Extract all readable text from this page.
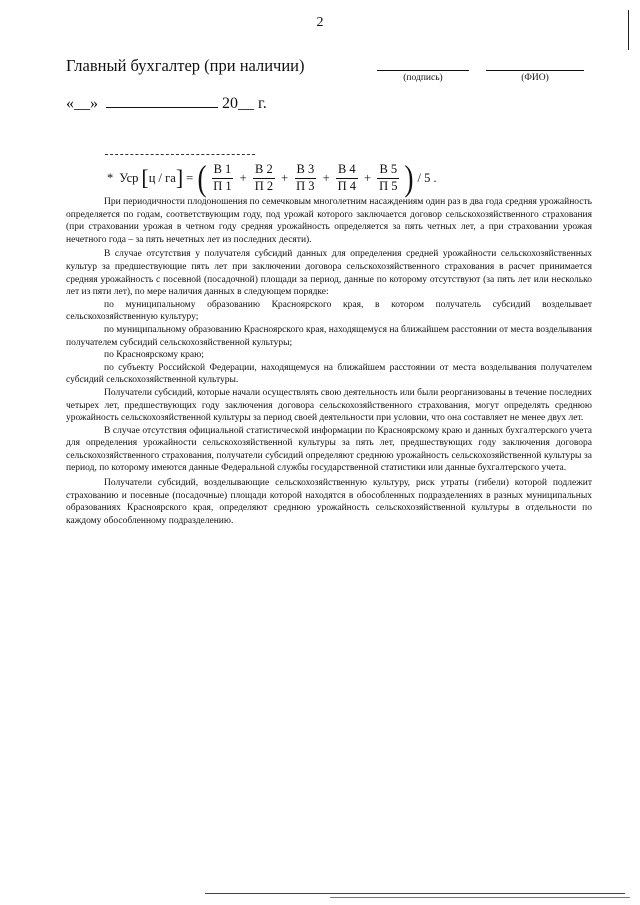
2
Главный бухгалтер (при наличии)
(подпись)	(ФИО)
«__»	20__ г.
* Уср [ ц / га ] = ( $\frac{В 1}{П 1} + \frac{В 2}{П 2} + \frac{В 3}{П 3} + \frac{В 4}{П 4} + \frac{В 5}{П 5}$ ) / 5 .

При периодичности плодоношения по семечковым многолетним насаждениям один раз в два года средняя урожайность определяется по годам, соответствующим году, под урожай которого заключается договор сельскохозяйственного страхования (при страховании урожая в четном году средняя урожайность определяется за пять четных лет, а при страховании урожая нечетного года – за пять нечетных лет из последних десяти).

В случае отсутствия у получателя субсидий данных для определения средней урожайности сельскохозяйственных культур за предшествующие пять лет при заключении договора сельскохозяйственного страхования в расчет принимается средняя урожайность с посевной (посадочной) площади за период, данные по которому отсутствуют (за пять лет или несколько лет из пяти лет), по мере наличия данных в следующем порядке:

по муниципальному образованию Красноярского края, в котором получатель субсидий возделывает сельскохозяйственную культуру;

по муниципальному образованию Красноярского края, находящемуся на ближайшем расстоянии от места возделывания получателем субсидий сельскохозяйственной культуры;

по Красноярскому краю;

по субъекту Российской Федерации, находящемуся на ближайшем расстоянии от места возделывания получателем субсидий сельскохозяйственной культуры.

Получатели субсидий, которые начали осуществлять свою деятельность или были реорганизованы в течение последних четырех лет, предшествующих году заключения договора сельскохозяйственного страхования, могут определять среднюю урожайность сельскохозяйственной культуры за период своей деятельности при условии, что она составляет не менее двух лет.

В случае отсутствия официальной статистической информации по Красноярскому краю и данных бухгалтерского учета для определения урожайности сельскохозяйственной культуры за пять лет, предшествующих году заключения договора сельскохозяйственного страхования, получатели субсидий определяют среднюю урожайность сельскохозяйственной культуры за период, по которому имеются данные Федеральной службы государственной статистики или данные бухгалтерского учета.

Получатели субсидий, возделывающие сельскохозяйственную культуру, риск утраты (гибели) которой подлежит страхованию и посевные (посадочные) площади которой находятся в обособленных подразделениях в разных муниципальных образованиях Красноярского края, определяют среднюю урожайность сельскохозяйственной культуры в отдельности по каждому обособленному подразделению.
